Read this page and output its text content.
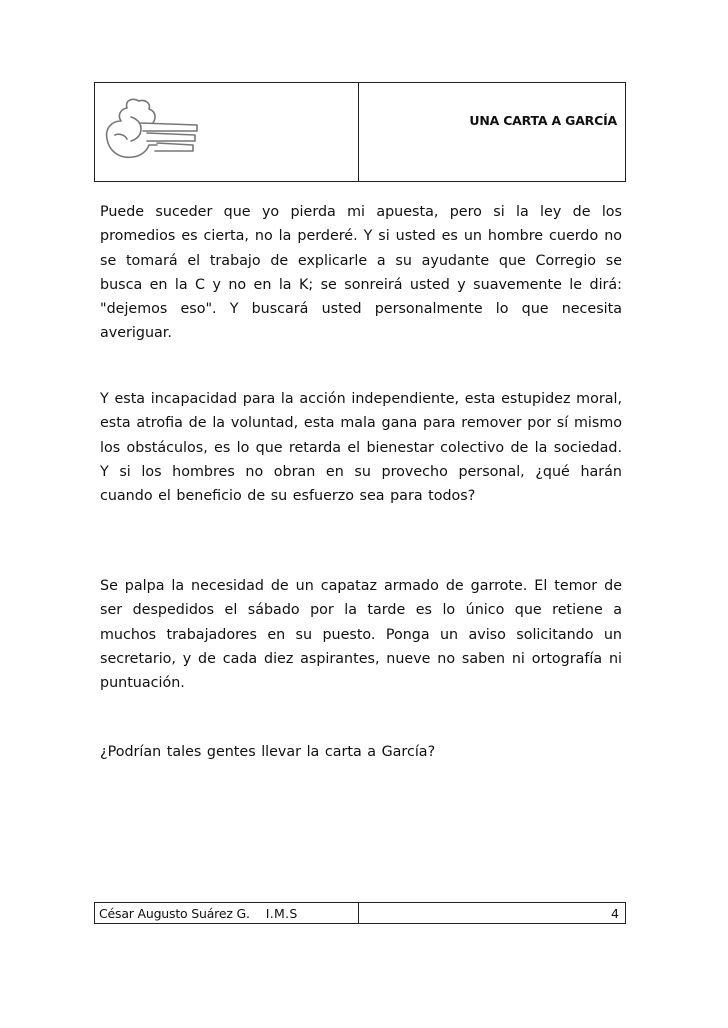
UNA CARTA A GARCÍA

Puede suceder que yo pierda mi apuesta, pero si la ley de los promedios es cierta, no la perderé. Y si usted es un hombre cuerdo no se tomará el trabajo de explicarle a su ayudante que Corregio se busca en la C y no en la K; se sonreirá usted y suavemente le dirá: "dejemos eso". Y buscará usted personalmente lo que necesita averiguar.

Y esta incapacidad para la acción independiente, esta estupidez moral, esta atrofia de la voluntad, esta mala gana para remover por sí mismo los obstáculos, es lo que retarda el bienestar colectivo de la sociedad. Y si los hombres no obran en su provecho personal, ¿qué harán cuando el beneficio de su esfuerzo sea para todos?

Se palpa la necesidad de un capataz armado de garrote. El temor de ser despedidos el sábado por la tarde es lo único que retiene a muchos trabajadores en su puesto. Ponga un aviso solicitando un secretario, y de cada diez aspirantes, nueve no saben ni ortografía ni puntuación.

¿Podrían tales gentes llevar la carta a García?

César Augusto Suárez G. I.M.S	4
